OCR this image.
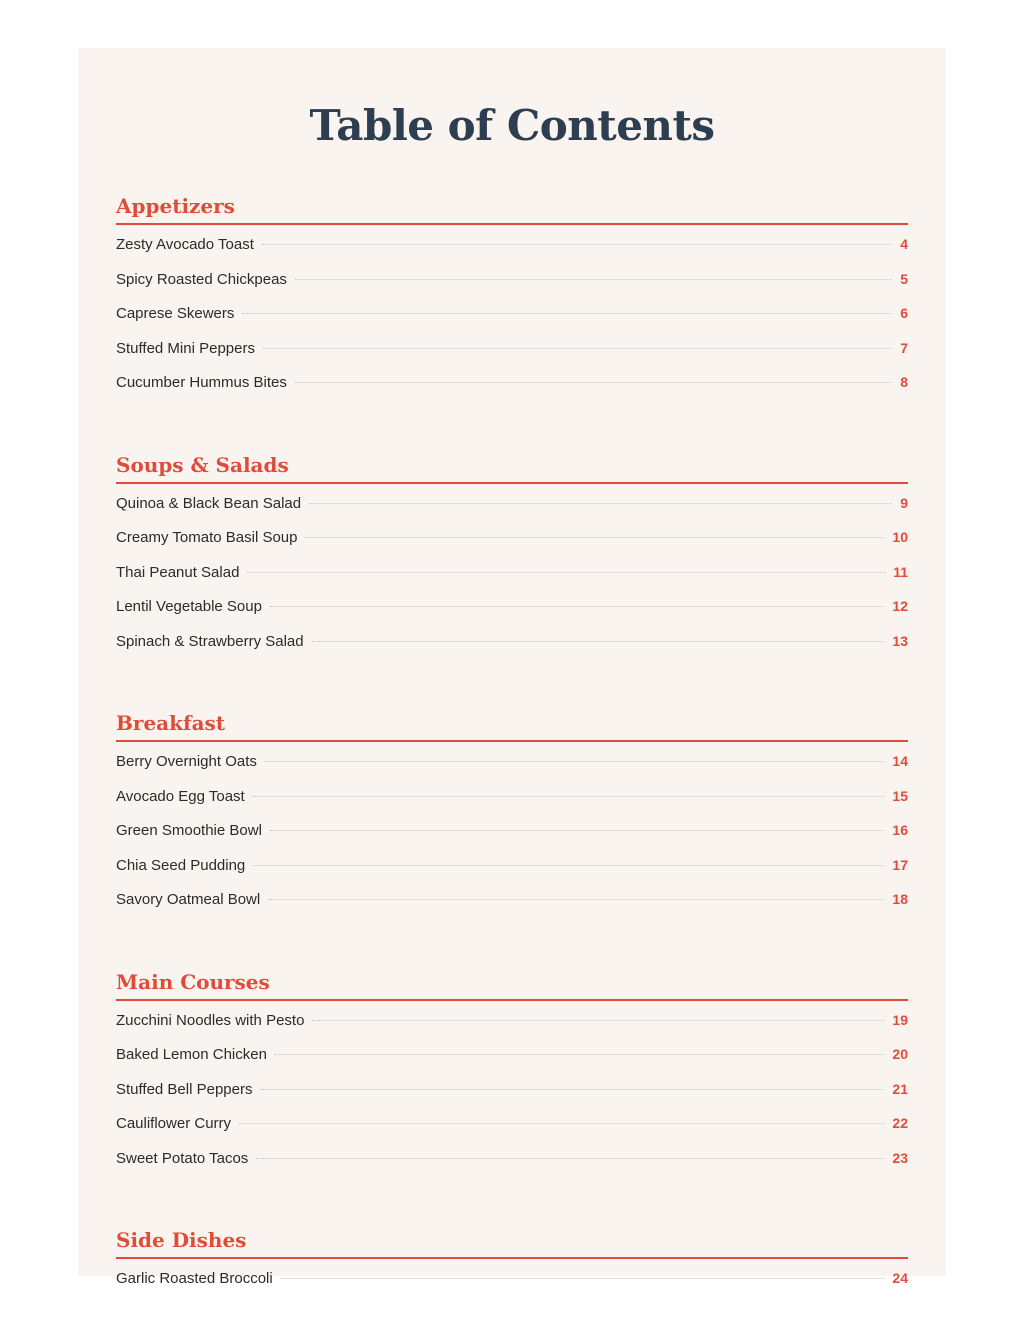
Table of Contents
Appetizers
Zesty Avocado Toast	4
Spicy Roasted Chickpeas	5
Caprese Skewers	6
Stuffed Mini Peppers	7
Cucumber Hummus Bites	8
Soups & Salads
Quinoa & Black Bean Salad	9
Creamy Tomato Basil Soup	10
Thai Peanut Salad	11
Lentil Vegetable Soup	12
Spinach & Strawberry Salad	13
Breakfast
Berry Overnight Oats	14
Avocado Egg Toast	15
Green Smoothie Bowl	16
Chia Seed Pudding	17
Savory Oatmeal Bowl	18
Main Courses
Zucchini Noodles with Pesto	19
Baked Lemon Chicken	20
Stuffed Bell Peppers	21
Cauliflower Curry	22
Sweet Potato Tacos	23
Side Dishes
Garlic Roasted Broccoli	24
